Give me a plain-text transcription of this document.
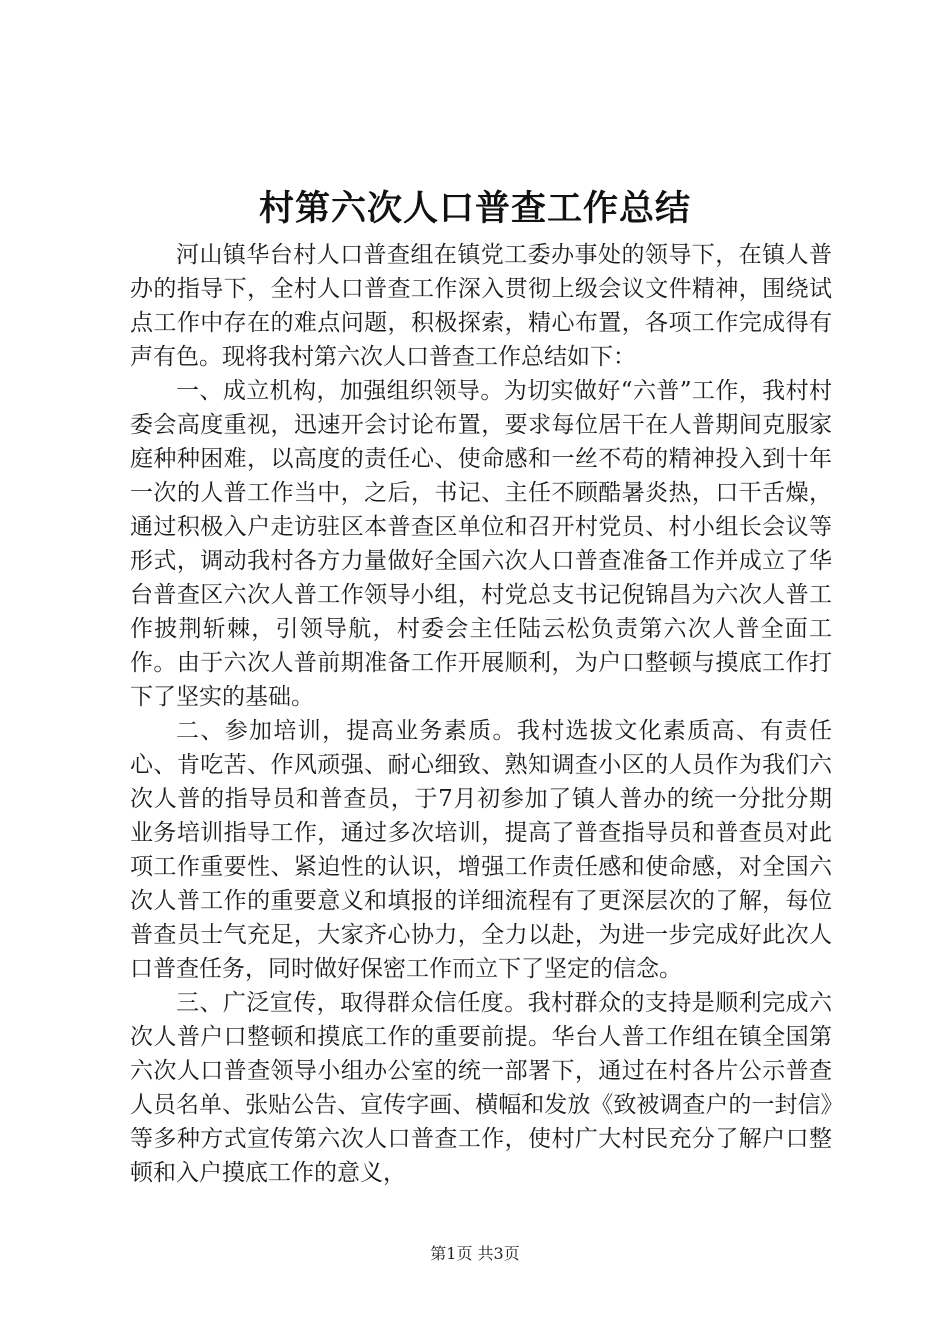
村第六次人口普查工作总结

河山镇华台村人口普查组在镇党工委办事处的领导下，在镇人普办的指导下，全村人口普查工作深入贯彻上级会议文件精神，围绕试点工作中存在的难点问题，积极探索，精心布置，各项工作完成得有声有色。现将我村第六次人口普查工作总结如下：

一、成立机构，加强组织领导。为切实做好“六普”工作，我村村委会高度重视，迅速开会讨论布置，要求每位居干在人普期间克服家庭种种困难，以高度的责任心、使命感和一丝不苟的精神投入到十年一次的人普工作当中，之后，书记、主任不顾酷暑炎热，口干舌燥，通过积极入户走访驻区本普查区单位和召开村党员、村小组长会议等形式，调动我村各方力量做好全国六次人口普查准备工作并成立了华台普查区六次人普工作领导小组，村党总支书记倪锦昌为六次人普工作披荆斩棘，引领导航，村委会主任陆云松负责第六次人普全面工作。由于六次人普前期准备工作开展顺利，为户口整顿与摸底工作打下了坚实的基础。

二、参加培训，提高业务素质。我村选拔文化素质高、有责任心、肯吃苦、作风顽强、耐心细致、熟知调查小区的人员作为我们六次人普的指导员和普查员，于7月初参加了镇人普办的统一分批分期业务培训指导工作，通过多次培训，提高了普查指导员和普查员对此项工作重要性、紧迫性的认识，增强工作责任感和使命感，对全国六次人普工作的重要意义和填报的详细流程有了更深层次的了解，每位普查员士气充足，大家齐心协力，全力以赴，为进一步完成好此次人口普查任务，同时做好保密工作而立下了坚定的信念。

三、广泛宣传，取得群众信任度。我村群众的支持是顺利完成六次人普户口整顿和摸底工作的重要前提。华台人普工作组在镇全国第六次人口普查领导小组办公室的统一部署下，通过在村各片公示普查人员名单、张贴公告、宣传字画、横幅和发放《致被调查户的一封信》等多种方式宣传第六次人口普查工作，使村广大村民充分了解户口整顿和入户摸底工作的意义，

第1页 共3页
